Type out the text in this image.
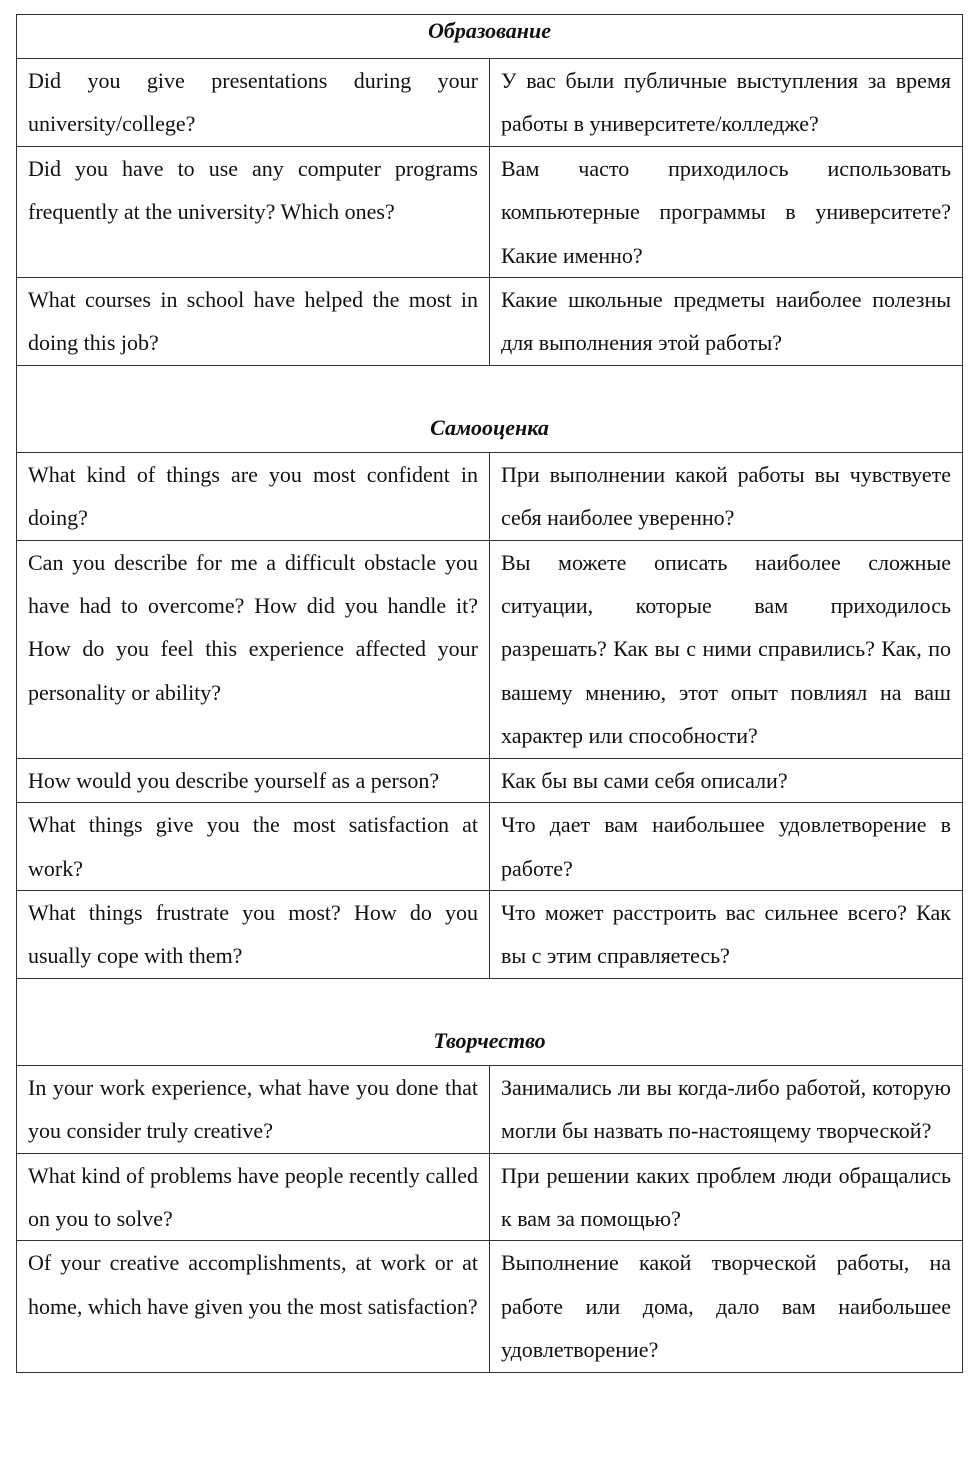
Образование	
Did you give presentations during your university/college?	У вас были публичные выступления за время работы в университете/колледже?
Did you have to use any computer programs frequently at the university? Which ones?	Вам часто приходилось использовать компьютерные программы в университете? Какие именно?
What courses in school have helped the most in doing this job?	Какие школьные предметы наиболее полезны для выполнения этой работы?
Самооценка	
What kind of things are you most confident in doing?	При выполнении какой работы вы чувствуете себя наиболее уверенно?
Can you describe for me a difficult obstacle you have had to overcome? How did you handle it? How do you feel this experience affected your personality or ability?	Вы можете описать наиболее сложные ситуации, которые вам приходилось разрешать? Как вы с ними справились? Как, по вашему мнению, этот опыт повлиял на ваш характер или способности?
How would you describe yourself as a person?	Как бы вы сами себя описали?
What things give you the most satisfaction at work?	Что дает вам наибольшее удовлетворение в работе?
What things frustrate you most? How do you usually cope with them?	Что может расстроить вас сильнее всего? Как вы с этим справляетесь?
Творчество	
In your work experience, what have you done that you consider truly creative?	Занимались ли вы когда-либо работой, которую могли бы назвать по-настоящему творческой?
What kind of problems have people recently called on you to solve?	При решении каких проблем люди обращались к вам за помощью?
Of your creative accomplishments, at work or at home, which have given you the most satisfaction?	Выполнение какой творческой работы, на работе или дома, дало вам наибольшее удовлетворение?
